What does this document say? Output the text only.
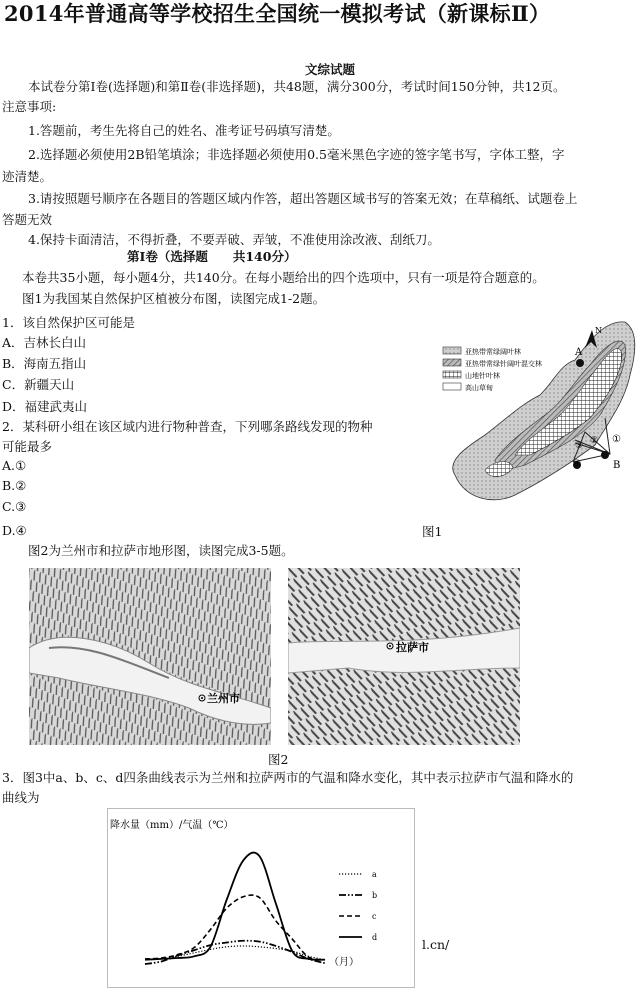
2014年普通高等学校招生全国统一模拟考试（新课标Ⅱ）
文综试题
本试卷分第Ⅰ卷(选择题)和第Ⅱ卷(非选择题)，共48题，满分300分，考试时间150分钟，共12页。
注意事项:
1.答题前，考生先将自己的姓名、准考证号码填写清楚。
2.选择题必须使用2B铅笔填涂；非选择题必须使用0.5毫米黑色字迹的签字笔书写，字体工整，字
迹清楚。
3.请按照题号顺序在各题目的答题区域内作答，超出答题区域书写的答案无效；在草稿纸、试题卷上
答题无效
4.保持卡面清洁，不得折叠，不要弄破、弄皱，不准使用涂改液、刮纸刀。
第Ⅰ卷（选择题　　共140分）
本卷共35小题，每小题4分，共140分。在每小题给出的四个选项中，只有一项是符合题意的。
图1为我国某自然保护区植被分布图，读图完成1-2题。
1．该自然保护区可能是
A．吉林长白山
B．海南五指山
C．新疆天山
D．福建武夷山
2．某科研小组在该区域内进行物种普查，下列哪条路线发现的物种
可能最多
A.①
B.②
C.③
D.④
A
B
N
①
②
③
④
亚热带常绿阔叶林
亚热带常绿针阔叶混交林
山地针叶林
高山草甸
图1
图2为兰州市和拉萨市地形图，读图完成3-5题。
兰州市
拉萨市
图2
3．图3中a、b、c、d四条曲线表示为兰州和拉萨两市的气温和降水变化，其中表示拉萨市气温和降水的
曲线为
降水量（mm）/气温（℃）
（月）
a
b
c
d	l.cn/
